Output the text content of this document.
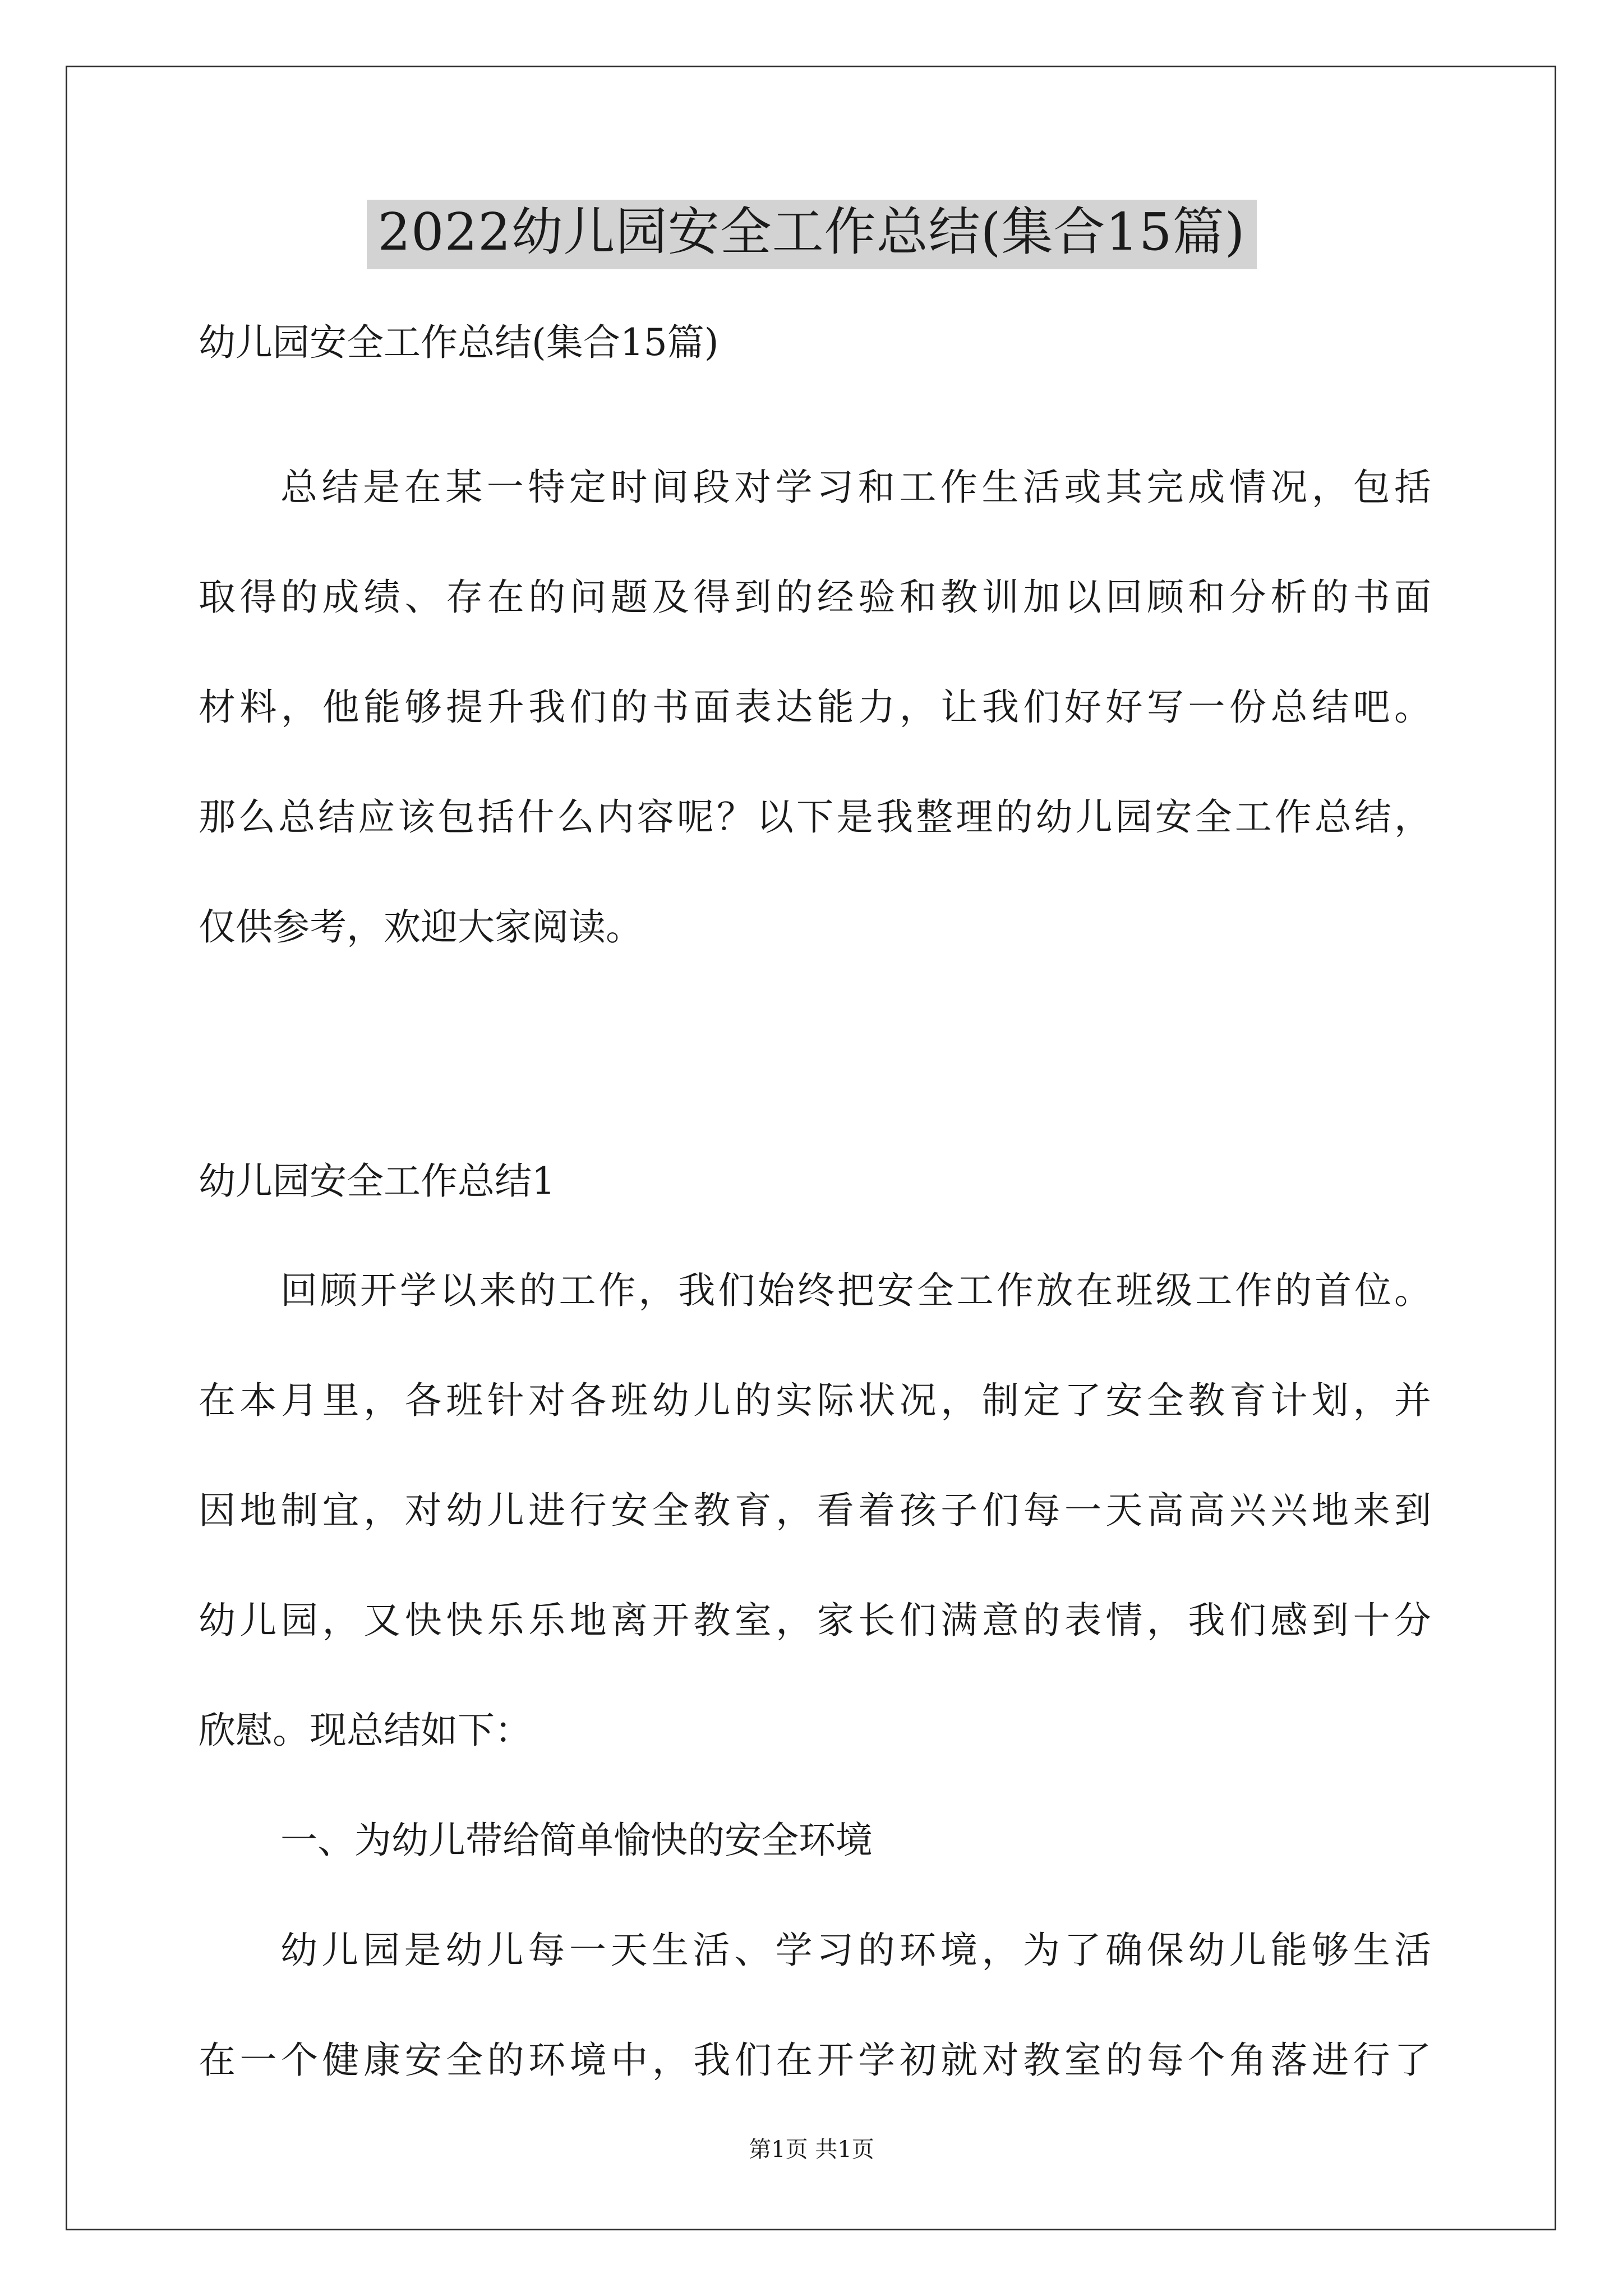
2022幼儿园安全工作总结(集合15篇)

幼儿园安全工作总结(集合15篇)

总结是在某一特定时间段对学习和工作生活或其完成情况，包括

取得的成绩、存在的问题及得到的经验和教训加以回顾和分析的书面

材料，他能够提升我们的书面表达能力，让我们好好写一份总结吧。

那么总结应该包括什么内容呢？以下是我整理的幼儿园安全工作总结，

仅供参考，欢迎大家阅读。

幼儿园安全工作总结1

回顾开学以来的工作，我们始终把安全工作放在班级工作的首位。

在本月里，各班针对各班幼儿的实际状况，制定了安全教育计划，并

因地制宜，对幼儿进行安全教育，看着孩子们每一天高高兴兴地来到

幼儿园，又快快乐乐地离开教室，家长们满意的表情，我们感到十分

欣慰。现总结如下：

一、为幼儿带给简单愉快的安全环境

幼儿园是幼儿每一天生活、学习的环境，为了确保幼儿能够生活

在一个健康安全的环境中，我们在开学初就对教室的每个角落进行了

第1页 共1页
